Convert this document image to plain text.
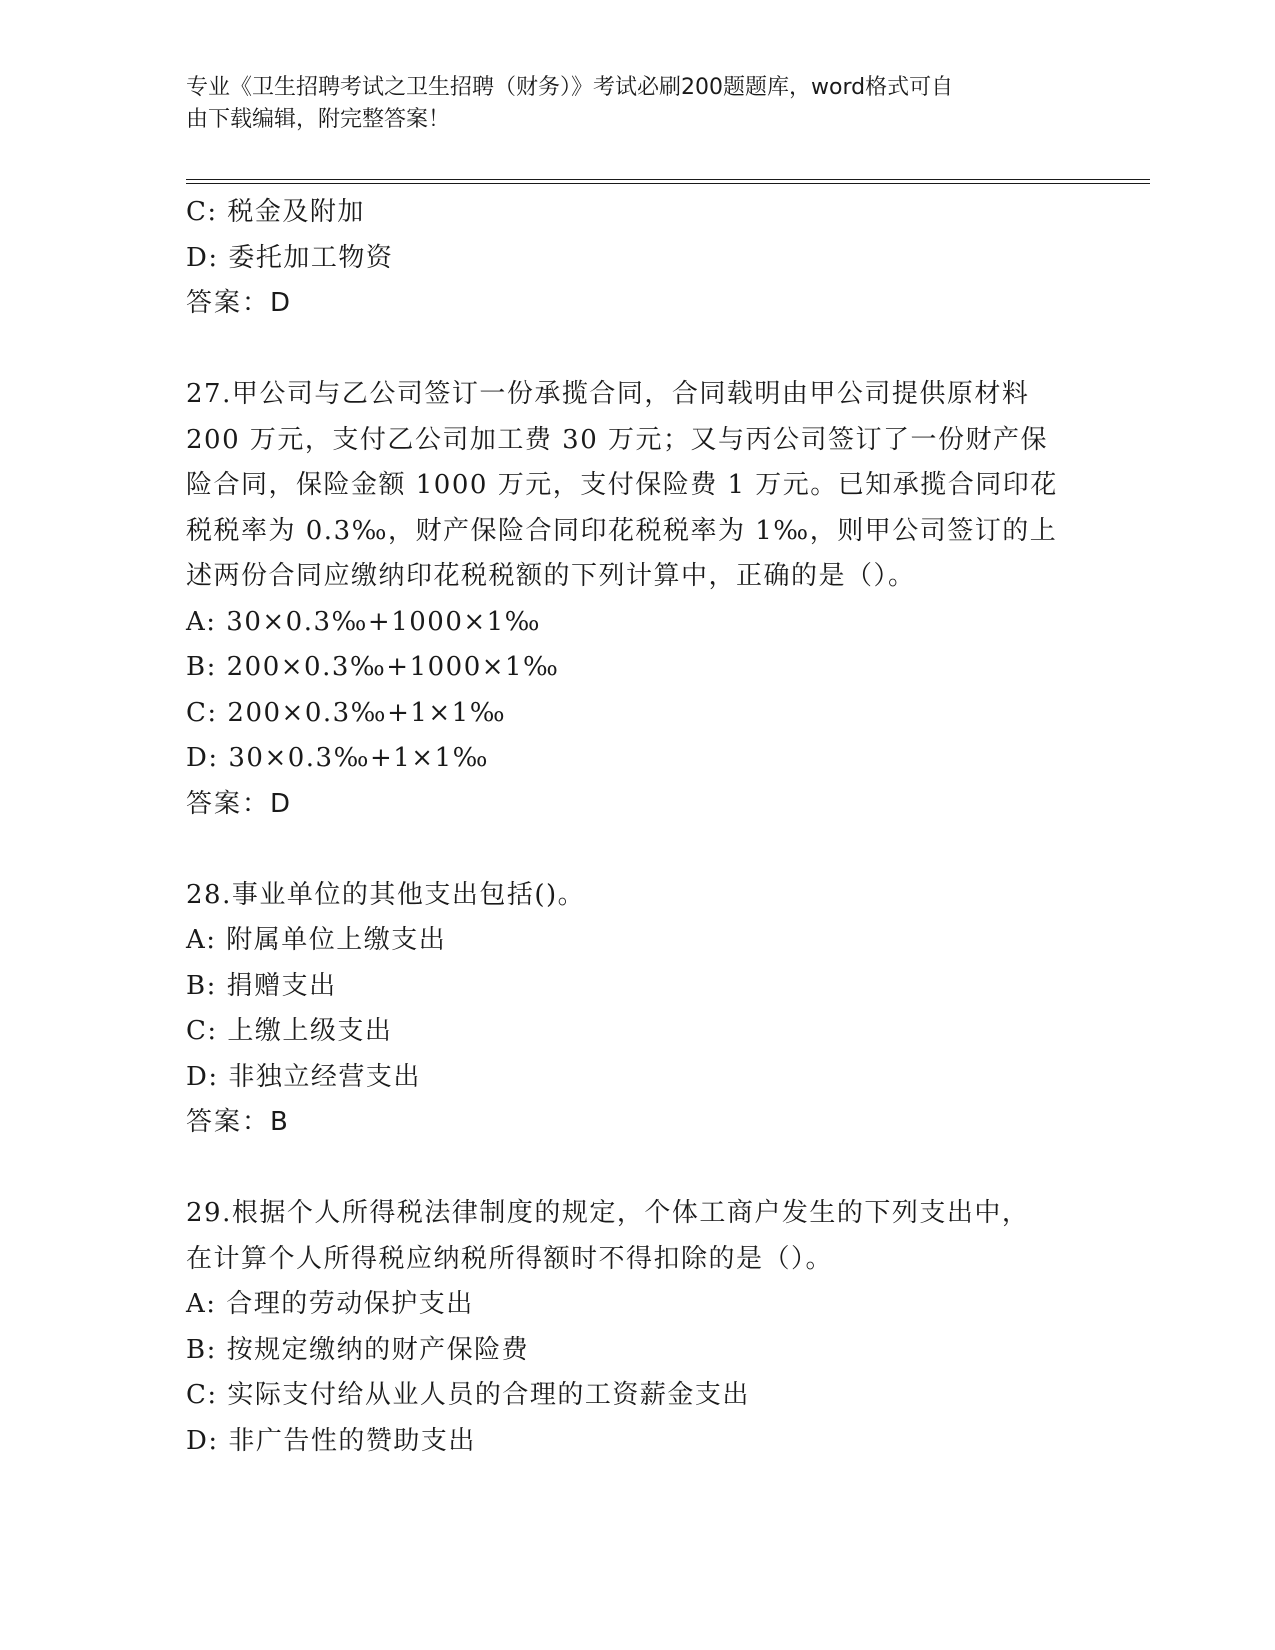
专业《卫生招聘考试之卫生招聘（财务）》考试必刷200题题库，word格式可自
由下载编辑，附完整答案！
C: 税金及附加
D: 委托加工物资
答案：D
27.甲公司与乙公司签订一份承揽合同，合同载明由甲公司提供原材料
200 万元，支付乙公司加工费 30 万元；又与丙公司签订了一份财产保
险合同，保险金额 1000 万元，支付保险费 1 万元。已知承揽合同印花
税税率为 0.3‰，财产保险合同印花税税率为 1‰，则甲公司签订的上
述两份合同应缴纳印花税税额的下列计算中，正确的是（）。
A: 30×0.3‰+1000×1‰
B: 200×0.3‰+1000×1‰
C: 200×0.3‰+1×1‰
D: 30×0.3‰+1×1‰
答案：D
28.事业单位的其他支出包括()。
A: 附属单位上缴支出
B: 捐赠支出
C: 上缴上级支出
D: 非独立经营支出
答案：B
29.根据个人所得税法律制度的规定，个体工商户发生的下列支出中，
在计算个人所得税应纳税所得额时不得扣除的是（）。
A: 合理的劳动保护支出
B: 按规定缴纳的财产保险费
C: 实际支付给从业人员的合理的工资薪金支出
D: 非广告性的赞助支出
